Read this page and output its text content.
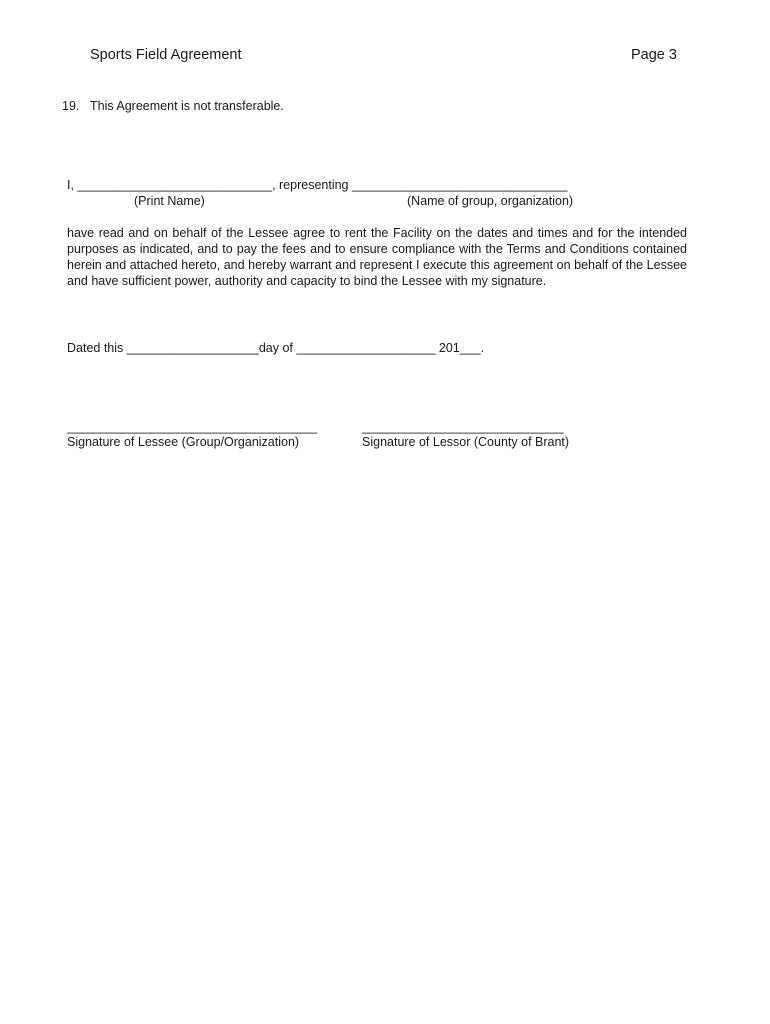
Sports Field Agreement	Page 3
19. This Agreement is not transferable.
I, ____________________________, representing _______________________________
(Print Name)	(Name of group, organization)
have read and on behalf of the Lessee agree to rent the Facility on the dates and times and for the intended purposes as indicated, and to pay the fees and to ensure compliance with the Terms and Conditions contained herein and attached hereto, and hereby warrant and represent I execute this agreement on behalf of the Lessee and have sufficient power, authority and capacity to bind the Lessee with my signature.
Dated this ___________________day of ____________________ 201___.
____________________________________	_____________________________
Signature of Lessee (Group/Organization)	Signature of Lessor (County of Brant)
